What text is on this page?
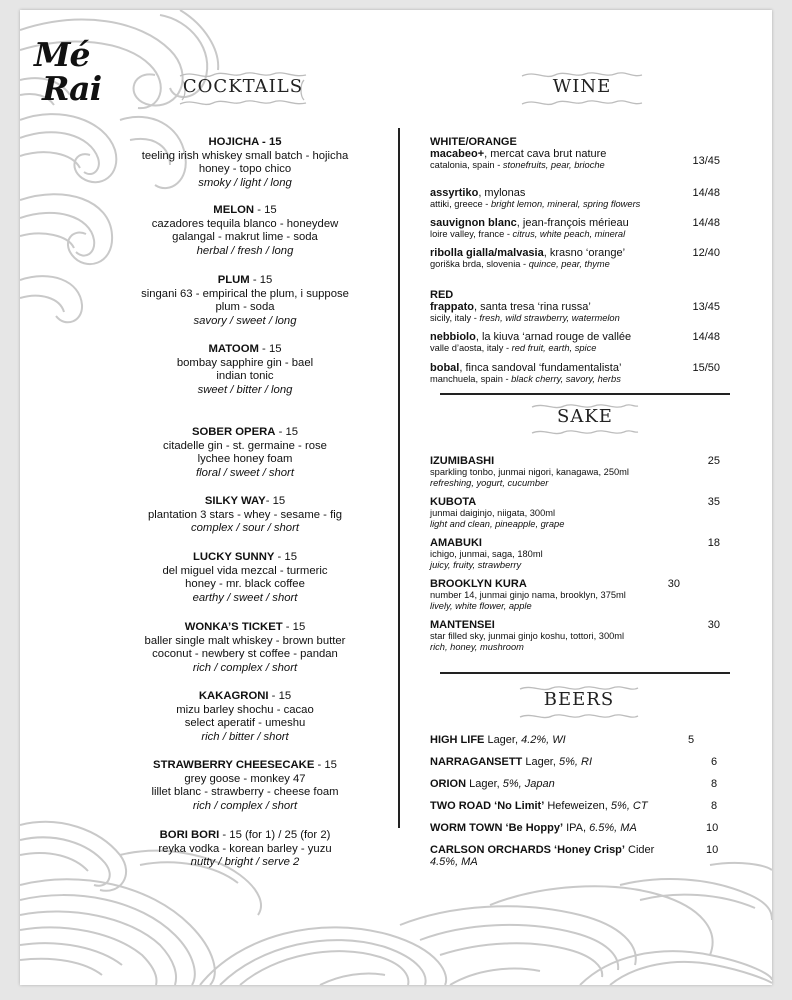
Mé
Rai	COCKTAILS	WINE
HOJICHA - 15
teeling irish whiskey small batch - hojicha
honey - topo chico
smoky / light / long
MELON - 15
cazadores tequila blanco - honeydew
galangal - makrut lime - soda
herbal / fresh / long
PLUM - 15
singani 63 - empirical the plum, i suppose
plum - soda
savory / sweet / long
MATOOM - 15
bombay sapphire gin - bael
indian tonic
sweet / bitter / long
SOBER OPERA - 15
citadelle gin - st. germaine - rose
lychee honey foam
floral / sweet / short
SILKY WAY- 15
plantation 3 stars - whey - sesame - fig
complex / sour / short
LUCKY SUNNY - 15
del miguel vida mezcal - turmeric
honey - mr. black coffee
earthy / sweet / short
WONKA’S TICKET - 15
baller single malt whiskey - brown butter
coconut - newbery st coffee - pandan
rich / complex / short
KAKAGRONI - 15
mizu barley shochu - cacao
select aperatif - umeshu
rich / bitter / short
STRAWBERRY CHEESECAKE - 15
grey goose - monkey 47
lillet blanc - strawberry - cheese foam
rich / complex / short
BORI BORI - 15 (for 1) / 25 (for 2)
reyka vodka - korean barley - yuzu
nutty / bright / serve 2
WHITE/ORANGE
macabeo+, mercat cava brut nature
catalonia, spain - stonefruits, pear, brioche	13/45
assyrtiko, mylonas
attiki, greece - bright lemon, mineral, spring flowers
14/48
sauvignon blanc, jean-françois mérieau
loire valley, france - citrus, white peach, mineral
14/48
ribolla gialla/malvasia, krasno ‘orange’
goriška brda, slovenia - quince, pear, thyme
12/40
RED
frappato, santa tresa ‘rina russa’
sicily, italy - fresh, wild strawberry, watermelon
13/45
nebbiolo, la kiuva ‘arnad rouge de vallée
valle d’aosta, italy - red fruit, earth, spice
14/48
bobal, finca sandoval ‘fundamentalista’
manchuela, spain - black cherry, savory, herbs
15/50
SAKE
IZUMIBASHI
sparkling tonbo, junmai nigori, kanagawa, 250ml
refreshing, yogurt, cucumber
25
KUBOTA
junmai daiginjo, niigata, 300ml
light and clean, pineapple, grape
35
AMABUKI
ichigo, junmai, saga, 180ml
juicy, fruity, strawberry
18
BROOKLYN KURA
number 14, junmai ginjo nama, brooklyn, 375ml
lively, white flower, apple
30
MANTENSEI
star filled sky, junmai ginjo koshu, tottori, 300ml
rich, honey, mushroom
30
BEERS
HIGH LIFE Lager, 4.2%, WI	5
NARRAGANSETT Lager, 5%, RI	6
ORION Lager, 5%, Japan	8
TWO ROAD ‘No Limit’ Hefeweizen, 5%, CT	8
WORM TOWN ‘Be Hoppy’ IPA, 6.5%, MA	10
CARLSON ORCHARDS ‘Honey Crisp’ Cider
4.5%, MA
10
